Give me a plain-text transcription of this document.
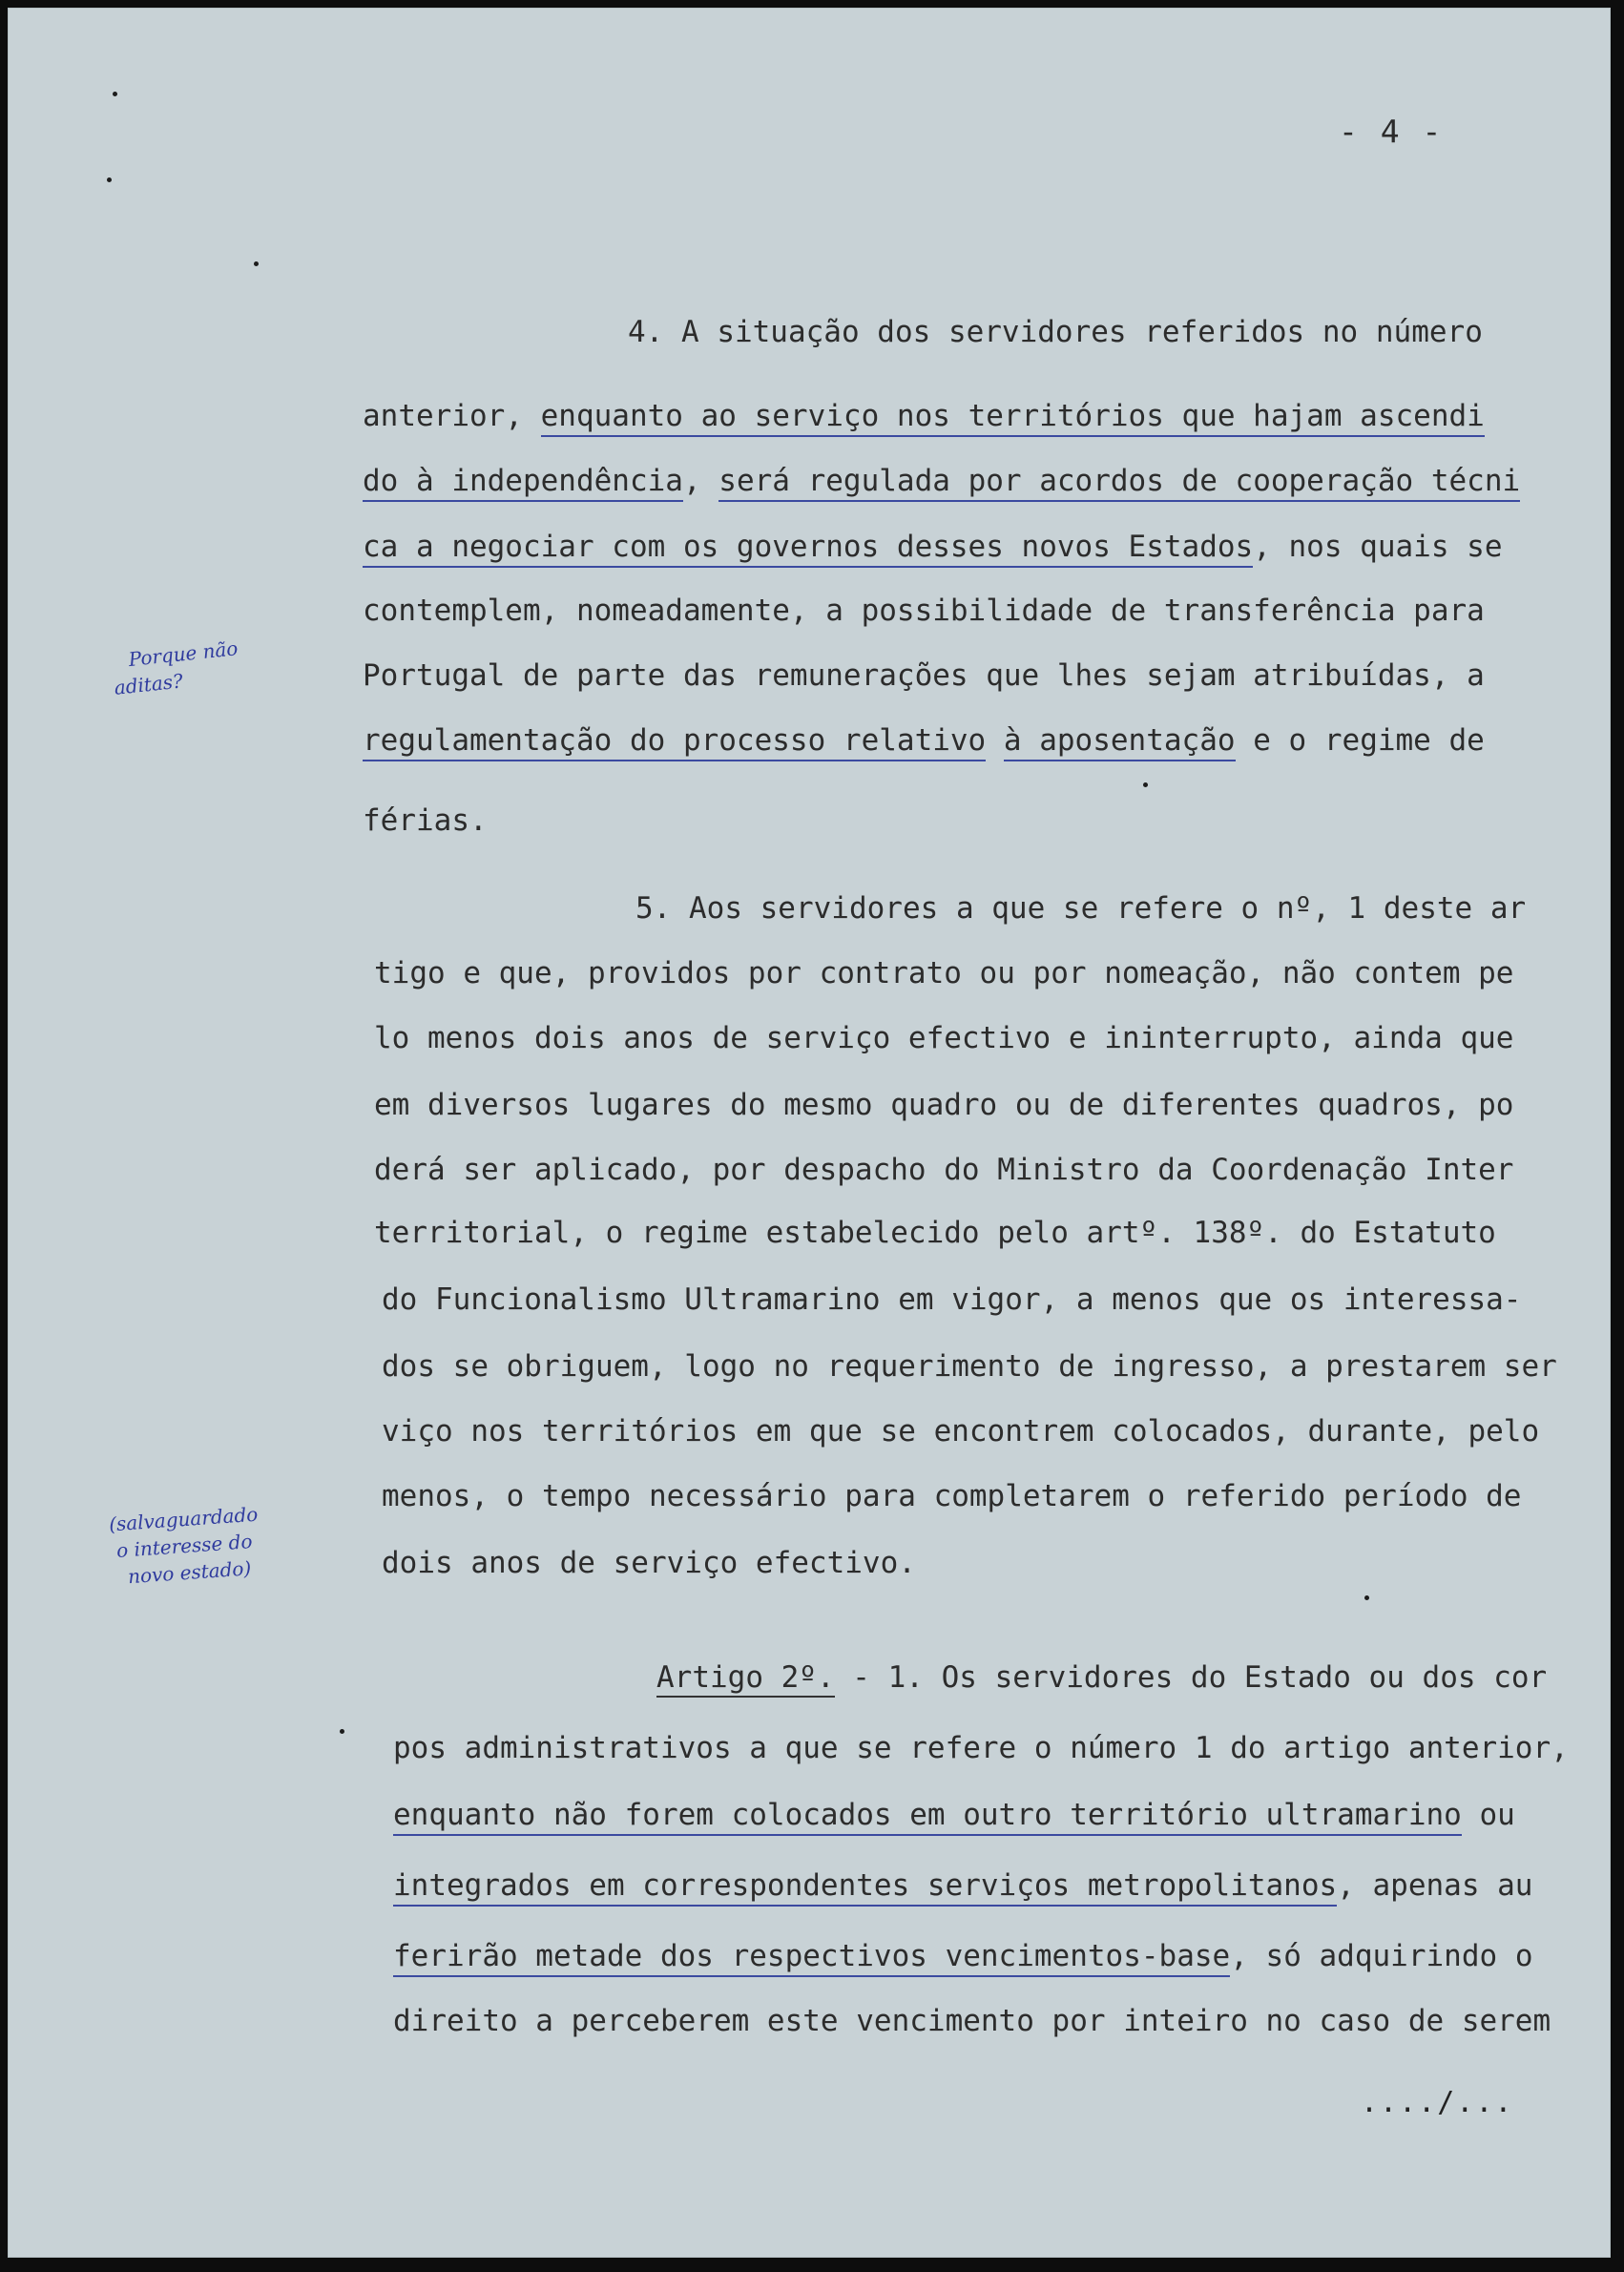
- 4 -
4. A situação dos servidores referidos no número
anterior, enquanto ao serviço nos territórios que hajam ascendi
do à independência, será regulada por acordos de cooperação técni
ca a negociar com os governos desses novos Estados, nos quais se
contemplem, nomeadamente, a possibilidade de transferência para
Portugal de parte das remunerações que lhes sejam atribuídas, a
regulamentação do processo relativo à aposentação e o regime de
férias.
5. Aos servidores a que se refere o nº, 1 deste ar
tigo e que, providos por contrato ou por nomeação, não contem pe
lo menos dois anos de serviço efectivo e ininterrupto, ainda que
em diversos lugares do mesmo quadro ou de diferentes quadros, po
derá ser aplicado, por despacho do Ministro da Coordenação Inter
territorial, o regime estabelecido pelo artº. 138º. do Estatuto
do Funcionalismo Ultramarino em vigor, a menos que os interessa-
dos se obriguem, logo no requerimento de ingresso, a prestarem ser
viço nos territórios em que se encontrem colocados, durante, pelo
menos, o tempo necessário para completarem o referido período de
dois anos de serviço efectivo.
Artigo 2º. - 1. Os servidores do Estado ou dos cor
pos administrativos a que se refere o número 1 do artigo anterior,
enquanto não forem colocados em outro território ultramarino ou
integrados em correspondentes serviços metropolitanos, apenas au
ferirão metade dos respectivos vencimentos-base, só adquirindo o
direito a perceberem este vencimento por inteiro no caso de serem
..../...
Porque não
aditas?
(salvaguardado
o interesse do
novo estado)
